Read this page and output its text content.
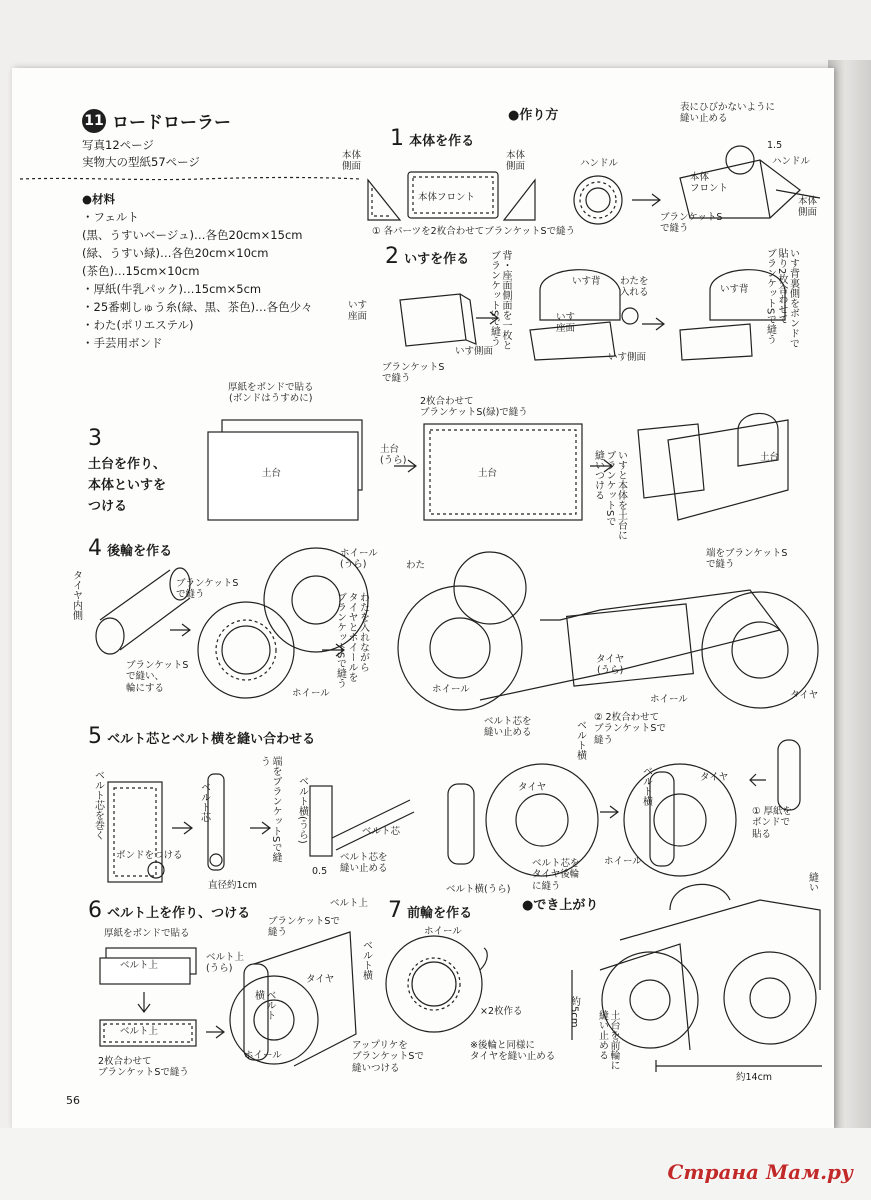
11 ロードローラー
写真12ページ
実物大の型紙57ページ
●材料
・フェルト
(黒、うすいベージュ)…各色20cm×15cm
(緑、うすい緑)…各色20cm×10cm
(茶色)…15cm×10cm
・厚紙(牛乳パック)…15cm×5cm
・25番刺しゅう糸(緑、黒、茶色)…各色少々
・わた(ポリエステル)
・手芸用ボンド
●作り方
1 本体を作る
本体
側面
本体フロント
本体
側面	ハンドル
表にひびかないように
縫い止める
1.5
ハンドル
本体
フロント
本体
側面
ブランケットS
で縫う
① 各パーツを2枚合わせてブランケットSで縫う
2 いすを作る
いす
座面
ブランケットS
で縫う
いす側面
背・座面側面を一枚と
ブランケットSで縫う	いす背
いす
座面
いす側面
わたを
入れる	いす背	いす背裏側をボンドで
貼り2枚合わせて
ブランケットSで縫う

3
土台を作り、
本体といすを
つける

厚紙をボンドで貼る
(ボンドはうすめに)
土台
土台
(うら)
2枚合わせて
ブランケットS(緑)で縫う
土台	いすと本体を土台に
ブランケットSで
縫いつける	土台
4 後輪を作る
タイヤ内側	ブランケットS
で縫う
ホイール
(うら)
ブランケットS
で縫い、
輪にする	ホイール
わたを入れながら
タイヤとホイールを
ブランケットSで縫う
わた
ホイール
タイヤ
(うら)
端をブランケットS
で縫う
ホイール	タイヤ
5 ベルト芯とベルト横を縫い合わせる
ベルト芯を巻く
ボンドをつける
ベルト芯	端をブランケットSで縫う
直径約1cm
ベルト横(うら)	ベルト芯
ベルト芯を
縫い止める
0.5
ベルト芯を
縫い止める	ベルト横
タイヤ
ベルト横(うら)
ベルト芯を
タイヤ後輪
に縫う
② 2枚合わせて
ブランケットSで
縫う
ベルト横	タイヤ
ホイール
① 厚紙を
ボンドで
貼る
6 ベルト上を作り、つける
厚紙をボンドで貼る
ベルト上
ベルト上
(うら)
ベルト上
2枚合わせて
ブランケットSで縫う
ブランケットSで
縫う
ベルト上
ベルト横
タイヤ
ベルト
横
ホイール
7 前輪を作る
ホイール
×2枚作る
アップリケを
ブランケットSで
縫いつける
※後輪と同様に
タイヤを縫い止める
●でき上がり
約5cm	土台を前輪に
縫い止める
約14cm
縫い
56
Страна Мам.ру
